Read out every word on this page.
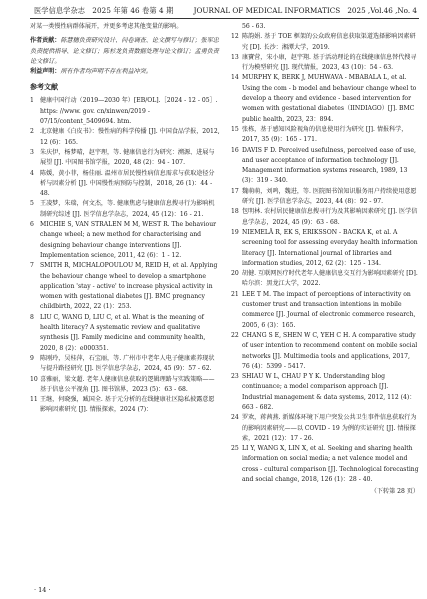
医学信息学杂志　2025 年第 46 卷第 4 期	JOURNAL OF MEDICAL INFORMATICS　2025 ,Vol.46 ,No. 4

对某一类慢性病群体展开，并更多考虑其他变量的影响。

作者贡献：陈慧穗负责研究设计、问卷调查、论文撰写与修订；张军忠负责提供指导、论文修订；陈杉龙负责数据处理与论文修订；孟勇负责论文修订。

利益声明：所有作者均声明不存在利益冲突。

参考文献
1 健康中国行动（2019—2030 年）[EB/OL].［2024 - 12 - 05］. https: //www. gov. cn/xinwen/2019 - 07/15/content_5409694. htm.
2 北京健康《白皮书》：慢性病的科学传播 [J]. 中国食品学报，2012, 12 (6)：165.
3 朱庆伊，杨梦晴，赵宇理，等. 健康信息行为研究：溯源、进展与展望 [J]. 中国图书馆学报，2020, 48 (2)：94 - 107.
4 陈媛，黄小菲，杨佳丽. 温州市居民慢性病信息需求与获取途径分析与因素分析 [J]. 中国慢性病预防与控制，2018, 26 (1)：44 - 48.
5 王凌梦，朱瑞，何文杰，等. 健康焦虑与健康信息搜寻行为影响机制研究综述 [J]. 医学信息学杂志，2024, 45 (12)：16 - 21.
6 MICHIE S, VAN STRALEN M M, WEST R. The behaviour change wheel; a new method for characterising and designing behaviour change interventions [J]. Implementation science, 2011, 42 (6)：1 - 12.
7 SMITH R, MICHALOPOULOU M, REID H, et al. Applying the behaviour change wheel to develop a smartphone application 'stay - active' to increase physical activity in women with gestational diabetes [J]. BMC pregnancy childbirth, 2022, 22 (1)：253.
8 LIU C, WANG D, LIU C, et al. What is the meaning of health literacy? A systematic review and qualitative synthesis [J]. Family medicine and community health, 2020, 8 (2)：e000351.
9 陈刚玲，吴桂萍，石宝丽，等. 广州市中老年人电子健康素养现状与提升路径研究 [J]. 医学信息学杂志，2024, 45 (9)：57 - 62.
10 喜雅丽，梁文超. 老年人健康信息获取的逻辑理路与实践策略——基于信息公平视角 [J]. 图书馆界，2023 (5)：63 - 68.
11 王继，何晓强，臧国全. 基于元分析的在线健康社区隐私披露意愿影响因素研究 [J]. 情报探索，2024 (7)：
56 - 63.
12 陈韵娟. 基于 TOE 框架的公众政府信息获取渠道选择影响因素研究 [D]. 长沙：湘潭大学，2019.
13 康寶营，宋小康，赵宇翔. 基于活动理论的在线健康信息替代搜寻行为模型研究 [J]. 现代情报，2023, 43 (10)：54 - 63.
14 MURPHY K, BERK J, MUHWAVA - MBABALA L, et al. Using the com - b model and behaviour change wheel to develop a theory and evidence - based intervention for women with gestational diabetes（IINDIAGO）[J]. BMC public health, 2023, 23：894.
15 张栋，基于感知风险视角的信息使用行为研究 [J]. 情报科学，2017, 35 (9)：165 - 171.
16 DAVIS F D. Perceived usefulness, perceived ease of use, and user acceptance of information technology [J]. Management information systems research, 1989, 13 (3)：319 - 340.
17 魏萌萌，刘鸣，魏进，等. 医院图书馆知识服务用户持续使用意愿研究 [J]. 医学信息学杂志，2023, 44 (8)：92 - 97.
18 包明林. 农村居民健康信息搜寻行为及其影响因素研究 [J]. 医学信息学杂志，2024, 45 (9)：63 - 68.
19 NIEMELÄ R, EK S, ERIKSSON - BACKA K, et al. A screening tool for assessing everyday health information literacy [J]. International journal of libraries and information studies, 2012, 62 (2)：125 - 134.
20 胡健. 互联网医疗时代老年人健康信息交互行为影响因素研究 [D]. 哈尔滨：黑龙江大学，2022.
21 LEE T M. The impact of perceptions of interactivity on customer trust and transaction intentions in mobile commerce [J]. Journal of electronic commerce research, 2005, 6 (3)：165.
22 CHANG S E, SHEN W C, YEH C H. A comparative study of user intention to recommend content on mobile social networks [J]. Multimedia tools and applications, 2017, 76 (4)：5399 - 5417.
23 SHIAU W L, CHAU P Y K. Understanding blog continuance; a model comparison approach [J]. Industrial management & data systems, 2012, 112 (4)：663 - 682.
24 罗欢，蒋茜燕. 新媒体环境下用户突发公共卫生事件信息获取行为的影响因素研究——以 COVID - 19 为例的实证研究 [J]. 情报探索，2021 (12)：17 - 26.
25 LI Y, WANG X, LIN X, et al. Seeking and sharing health information on social media; a net valence model and cross - cultural comparison [J]. Technological forecasting and social change, 2018, 126 (1)：28 - 40.

（下转第 28 页）

· 14 ·
